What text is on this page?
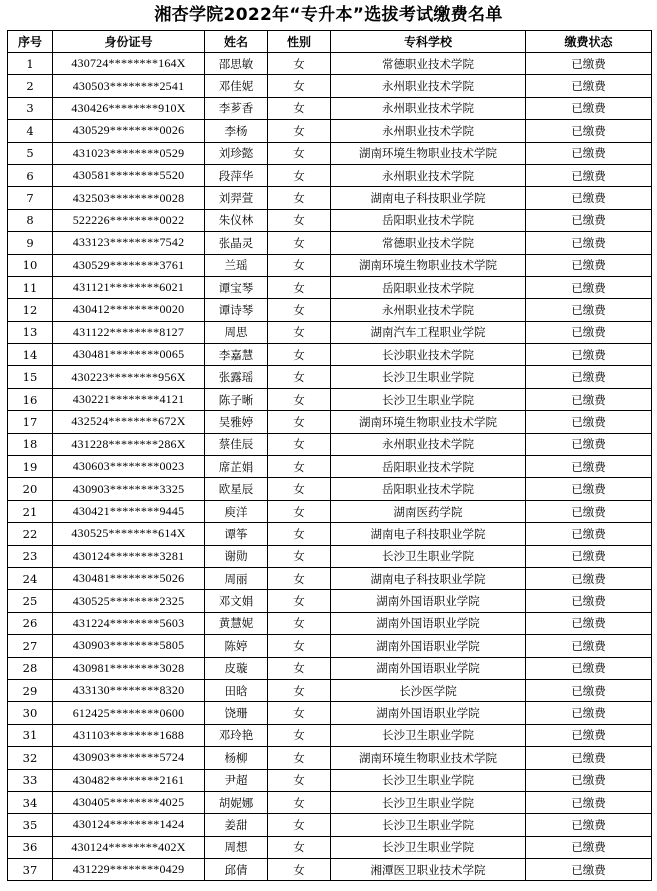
湘杏学院2022年“专升本”选拔考试缴费名单
序号	身份证号	姓名	性别	专科学校	缴费状态
1	430724********164X	邵思敏	女	常德职业技术学院	已缴费
2	430503********2541	邓佳妮	女	永州职业技术学院	已缴费
3	430426********910X	李芗香	女	永州职业技术学院	已缴费
4	430529********0026	李杨	女	永州职业技术学院	已缴费
5	431023********0529	刘珍懿	女	湖南环境生物职业技术学院	已缴费
6	430581********5520	段萍华	女	永州职业技术学院	已缴费
7	432503********0028	刘羿萱	女	湖南电子科技职业学院	已缴费
8	522226********0022	朱仪林	女	岳阳职业技术学院	已缴费
9	433123********7542	张晶灵	女	常德职业技术学院	已缴费
10	430529********3761	兰瑶	女	湖南环境生物职业技术学院	已缴费
11	431121********6021	谭宝琴	女	岳阳职业技术学院	已缴费
12	430412********0020	谭诗琴	女	永州职业技术学院	已缴费
13	431122********8127	周思	女	湖南汽车工程职业学院	已缴费
14	430481********0065	李嘉慧	女	长沙职业技术学院	已缴费
15	430223********956X	张露瑶	女	长沙卫生职业学院	已缴费
16	430221********4121	陈子晰	女	长沙卫生职业学院	已缴费
17	432524********672X	吴雅婷	女	湖南环境生物职业技术学院	已缴费
18	431228********286X	蔡佳辰	女	永州职业技术学院	已缴费
19	430603********0023	席芷娟	女	岳阳职业技术学院	已缴费
20	430903********3325	欧星辰	女	岳阳职业技术学院	已缴费
21	430421********9445	庾洋	女	湖南医药学院	已缴费
22	430525********614X	谭筝	女	湖南电子科技职业学院	已缴费
23	430124********3281	谢勋	女	长沙卫生职业学院	已缴费
24	430481********5026	周丽	女	湖南电子科技职业学院	已缴费
25	430525********2325	邓文娟	女	湖南外国语职业学院	已缴费
26	431224********5603	黄慧妮	女	湖南外国语职业学院	已缴费
27	430903********5805	陈婷	女	湖南外国语职业学院	已缴费
28	430981********3028	皮璇	女	湖南外国语职业学院	已缴费
29	433130********8320	田晗	女	长沙医学院	已缴费
30	612425********0600	饶珊	女	湖南外国语职业学院	已缴费
31	431103********1688	邓玲艳	女	长沙卫生职业学院	已缴费
32	430903********5724	杨柳	女	湖南环境生物职业技术学院	已缴费
33	430482********2161	尹超	女	长沙卫生职业学院	已缴费
34	430405********4025	胡妮娜	女	长沙卫生职业学院	已缴费
35	430124********1424	姜甜	女	长沙卫生职业学院	已缴费
36	430124********402X	周想	女	长沙卫生职业学院	已缴费
37	431229********0429	邱倩	女	湘潭医卫职业技术学院	已缴费
